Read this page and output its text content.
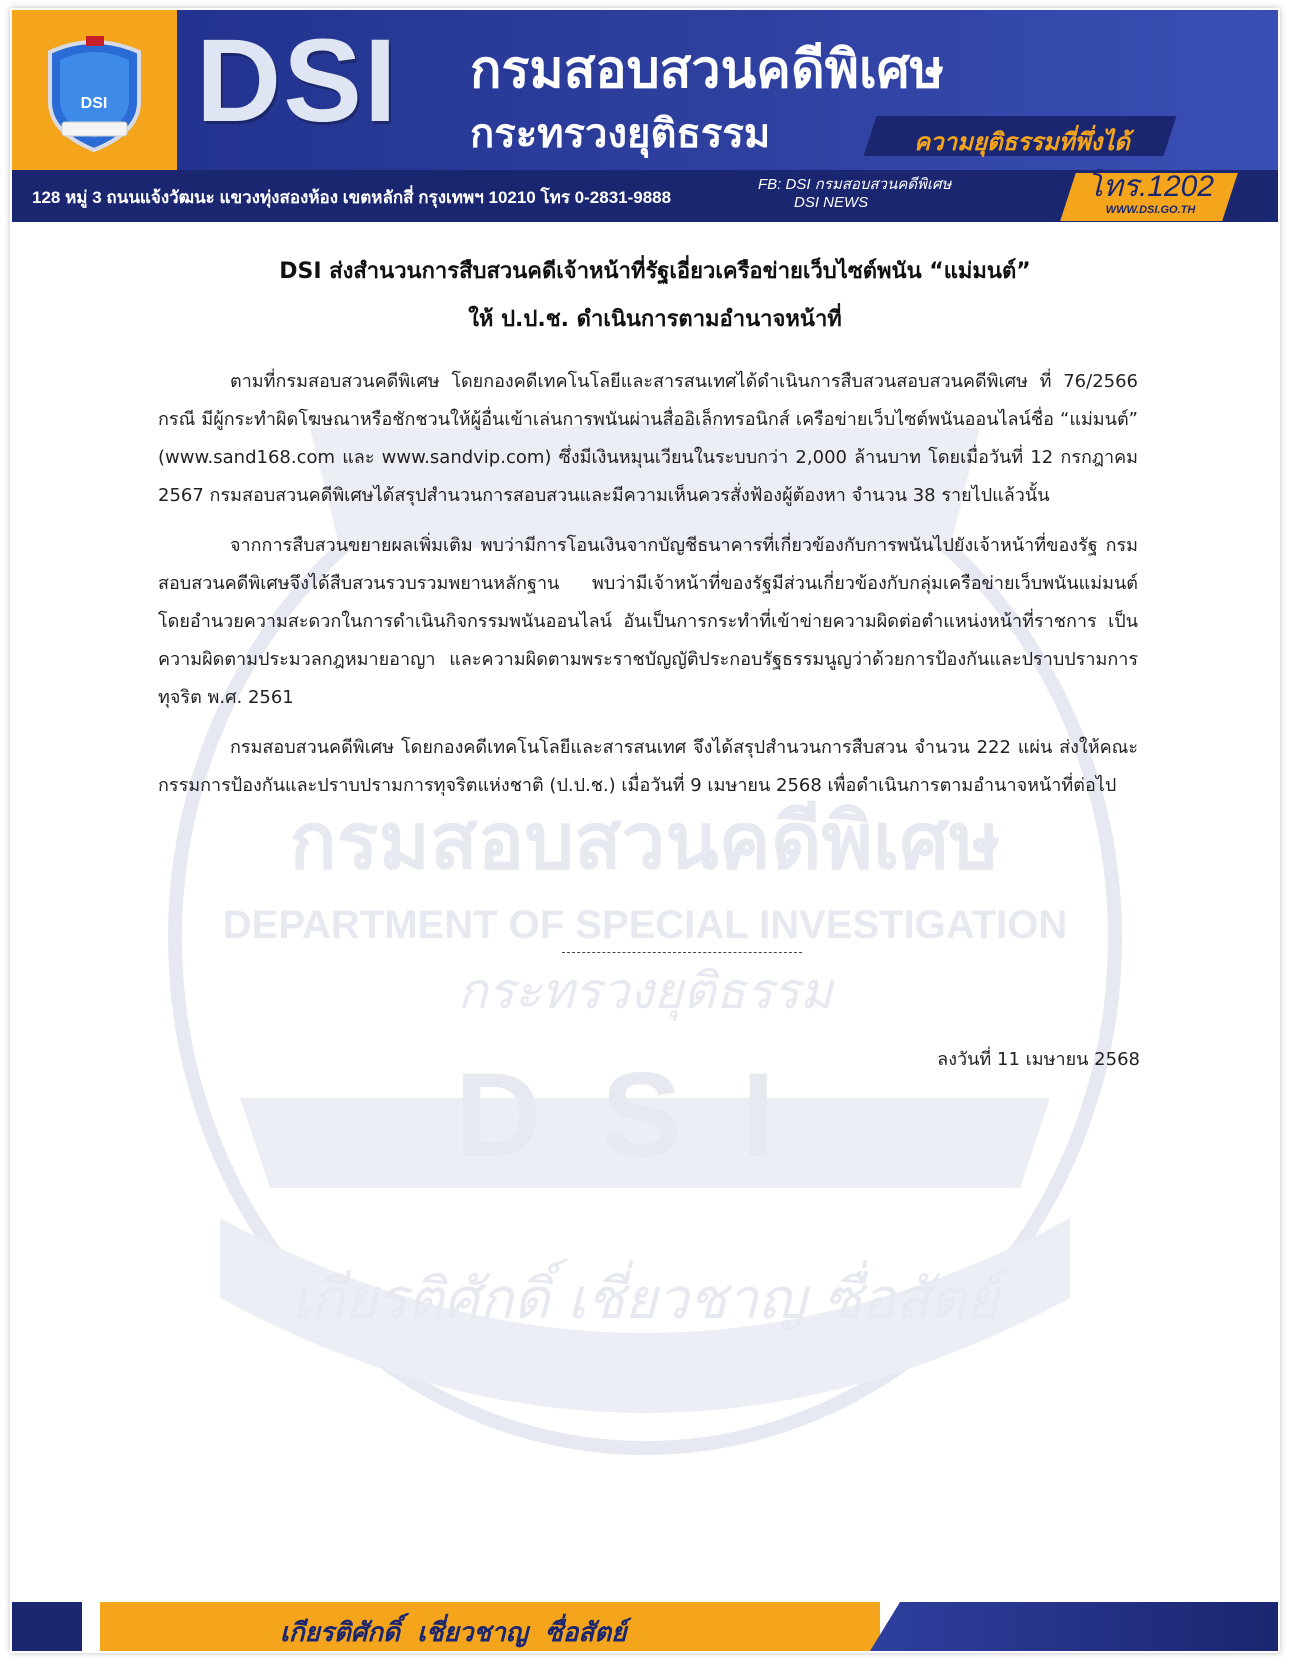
กรมสอบสวนคดีพิเศษ
DEPARTMENT OF SPECIAL INVESTIGATION
กระทรวงยุติธรรม
DSI
เกียรติศักดิ์ เชี่ยวชาญ ซื่อสัตย์
DSI DSI กรมสอบสวนคดีพิเศษ
กระทรวงยุติธรรม	ความยุติธรรมที่พึ่งได้
128 หมู่ 3 ถนนแจ้งวัฒนะ แขวงทุ่งสองห้อง เขตหลักสี่ กรุงเทพฯ 10210 โทร 0-2831-9888
FB: DSI กรมสอบสวนคดีพิเศษ
DSI NEWS	โทร.1202
WWW.DSI.GO.TH
DSI ส่งสำนวนการสืบสวนคดีเจ้าหน้าที่รัฐเอี่ยวเครือข่ายเว็บไซต์พนัน “แม่มนต์”
ให้ ป.ป.ช. ดำเนินการตามอำนาจหน้าที่

ตามที่กรมสอบสวนคดีพิเศษ โดยกองคดีเทคโนโลยีและสารสนเทศได้ดำเนินการสืบสวนสอบสวนคดีพิเศษ ที่ 76/2566 กรณี มีผู้กระทำผิดโฆษณาหรือชักชวนให้ผู้อื่นเข้าเล่นการพนันผ่านสื่ออิเล็กทรอนิกส์ เครือข่ายเว็บไซต์พนันออนไลน์ชื่อ “แม่มนต์” (www.sand168.com และ www.sandvip.com) ซึ่งมีเงินหมุนเวียนในระบบกว่า 2,000 ล้านบาท โดยเมื่อวันที่ 12 กรกฎาคม 2567 กรมสอบสวนคดีพิเศษได้สรุปสำนวนการสอบสวนและมีความเห็นควรสั่งฟ้องผู้ต้องหา จำนวน 38 รายไปแล้วนั้น

จากการสืบสวนขยายผลเพิ่มเติม พบว่ามีการโอนเงินจากบัญชีธนาคารที่เกี่ยวข้องกับการพนันไปยังเจ้าหน้าที่ของรัฐ กรมสอบสวนคดีพิเศษจึงได้สืบสวนรวบรวมพยานหลักฐาน พบว่ามีเจ้าหน้าที่ของรัฐมีส่วนเกี่ยวข้องกับกลุ่มเครือข่ายเว็บพนันแม่มนต์ โดยอำนวยความสะดวกในการดำเนินกิจกรรมพนันออนไลน์ อันเป็นการกระทำที่เข้าข่ายความผิดต่อตำแหน่งหน้าที่ราชการ เป็นความผิดตามประมวลกฎหมายอาญา และความผิดตามพระราชบัญญัติประกอบรัฐธรรมนูญว่าด้วยการป้องกันและปราบปรามการทุจริต พ.ศ. 2561

กรมสอบสวนคดีพิเศษ โดยกองคดีเทคโนโลยีและสารสนเทศ จึงได้สรุปสำนวนการสืบสวน จำนวน 222 แผ่น ส่งให้คณะกรรมการป้องกันและปราบปรามการทุจริตแห่งชาติ (ป.ป.ช.) เมื่อวันที่ 9 เมษายน 2568 เพื่อดำเนินการตามอำนาจหน้าที่ต่อไป

ลงวันที่ 11 เมษายน 2568
เกียรติศักดิ์ เชี่ยวชาญ ซื่อสัตย์
